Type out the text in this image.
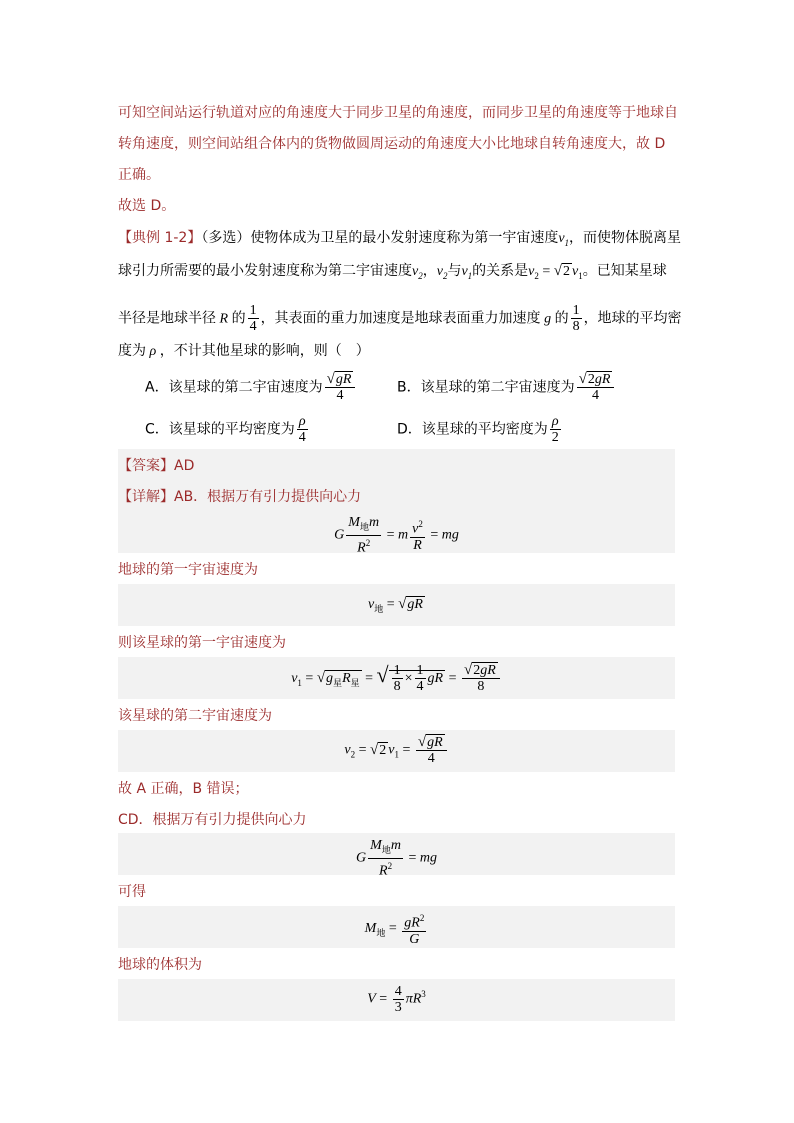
可知空间站运行轨道对应的角速度大于同步卫星的角速度，而同步卫星的角速度等于地球自
转角速度，则空间站组合体内的货物做圆周运动的角速度大小比地球自转角速度大，故 D
正确。
故选 D。
【典例 1-2】（多选）使物体成为卫星的最小发射速度称为第一宇宙速度$v_1$，而使物体脱离星
球引力所需要的最小发射速度称为第二宇宙速度$v_2$，$v_2$与$v_1$的关系是$v_2 = √2$ $v_1$。已知某星球
半径是地球半径 R 的 $\frac{1}{4}$ ，其表面的重力加速度是地球表面重力加速度 g 的 $\frac{1}{8}$ ，地球的平均密
度为 ρ ，不计其他星球的影响，则（　）
A．该星球的第二宇宙速度为 $\frac{√gR}{4}$	B．该星球的第二宇宙速度为 $\frac{√2gR}{4}$
C．该星球的平均密度为 $\frac{\rho}{4}$	D．该星球的平均密度为 $\frac{\rho}{2}$
【答案】AD
【详解】AB．根据万有引力提供向心力
G $\frac{M_地m}{R^2} = m \frac{v^2}{R}$ = mg
地球的第一宇宙速度为
$v_地 = √gR$
则该星球的第一宇宙速度为
$v_1 = √g_星R_星$ = √ $\frac{1}{8} \times \frac{1}{4}$ gR = $\frac{√2gR}{8}$
该星球的第二宇宙速度为
$v_2 = √2$ $v_1 = \frac{√gR}{4}$
故 A 正确，B 错误；
CD．根据万有引力提供向心力
G $\frac{M_地m}{R^2}$ = mg
可得
$M_地 = \frac{gR^2}{G}$
地球的体积为
$V = \frac{4}{3} \pi R^3$
